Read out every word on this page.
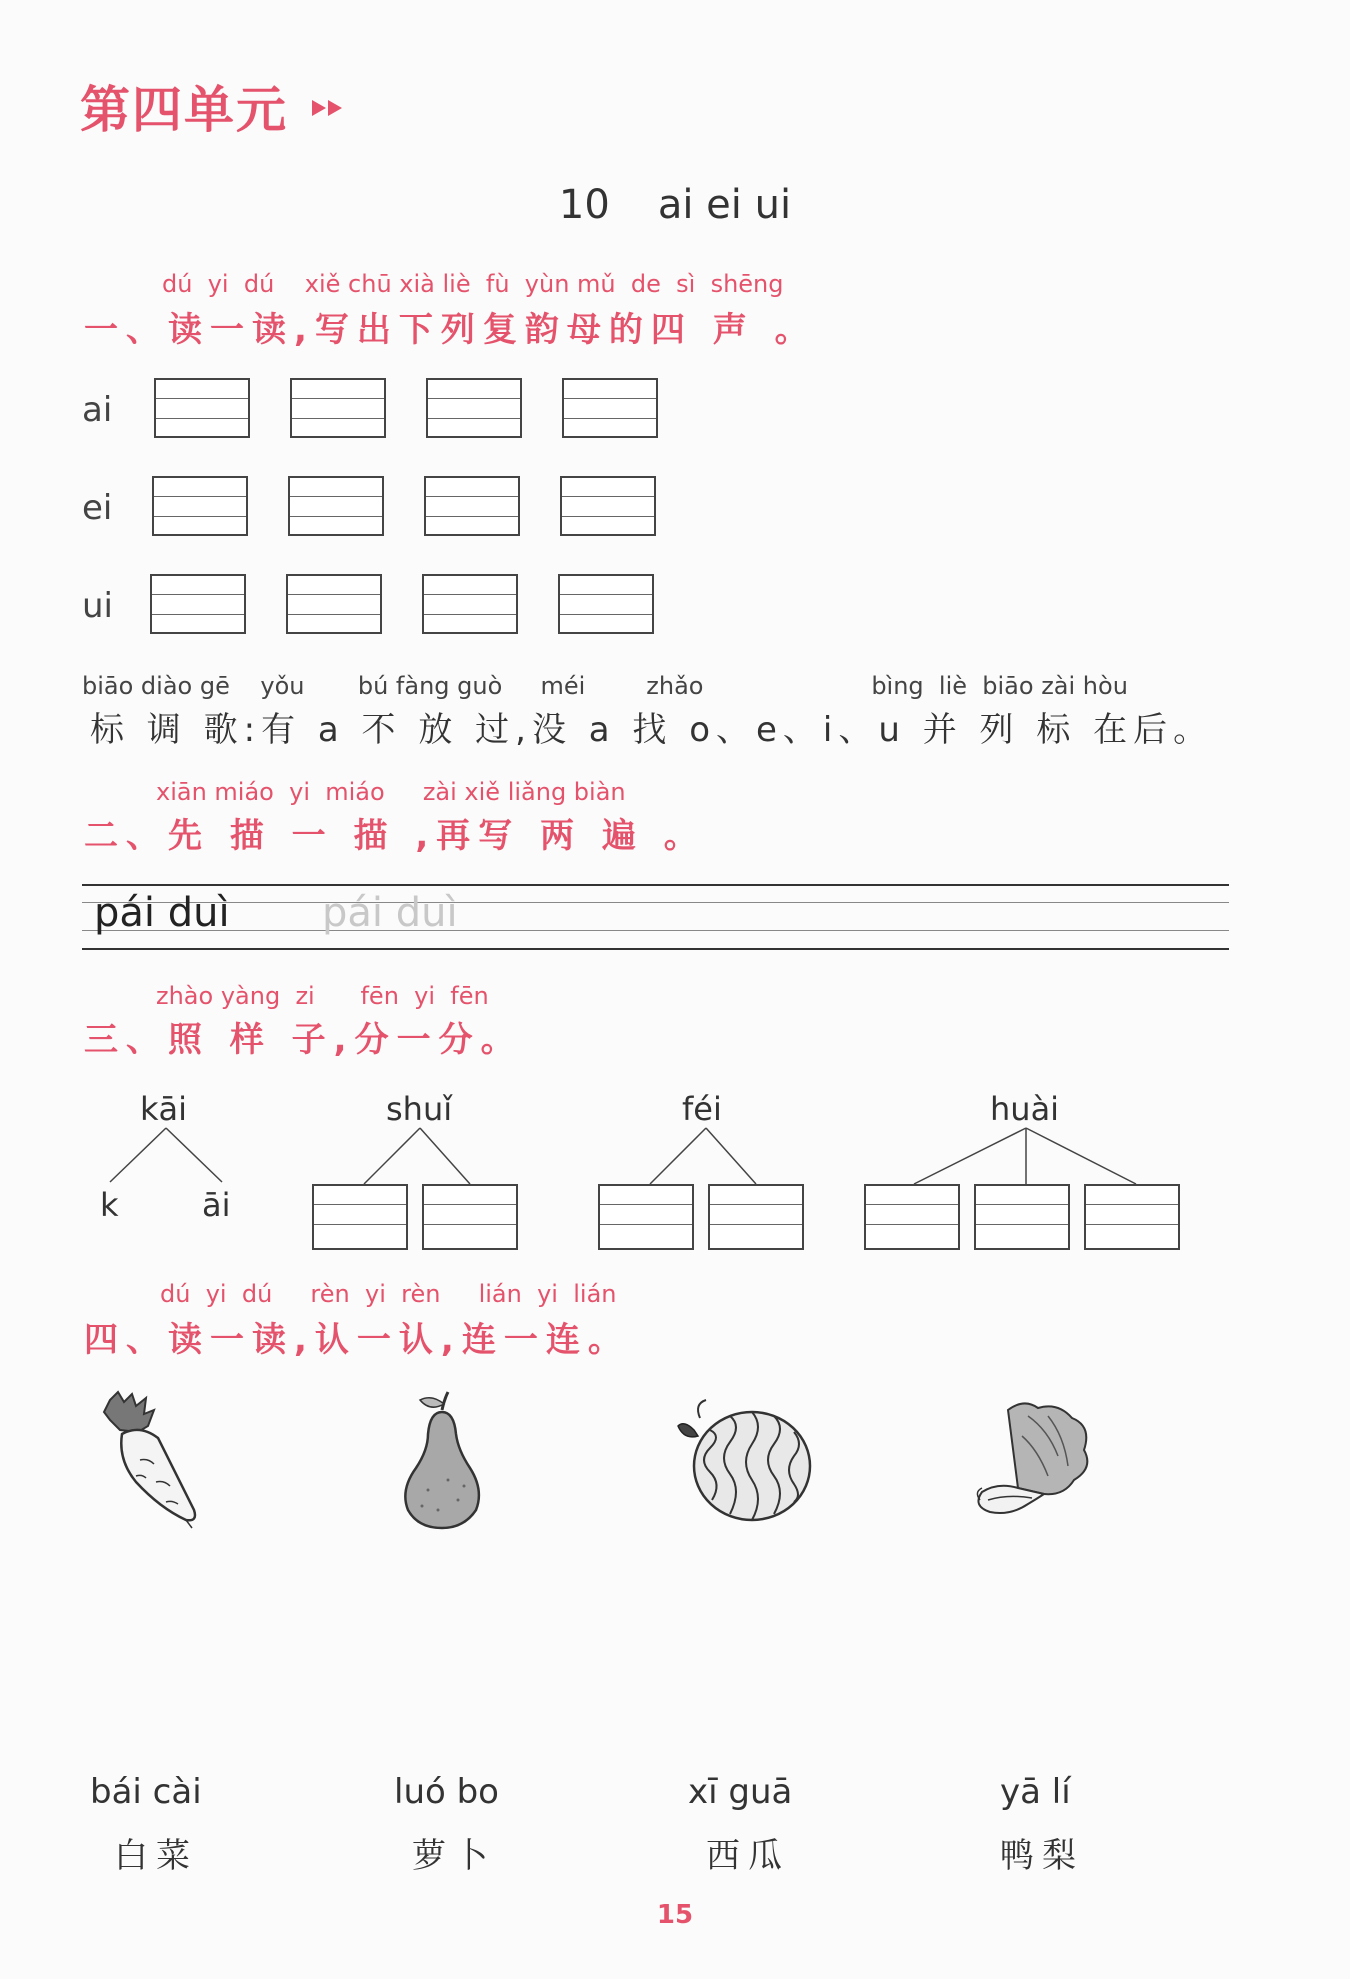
第四单元
10 ai ei ui
dú  yi  dú    xiě chū xià liè  fù  yùn mǔ  de  sì  shēng
一、读一读,写出下列复韵母的四 声 。
ai
ei
ui
biāo diào gē    yǒu       bú fàng guò     méi        zhǎo                      bìng  liè  biāo zài hòu
标 调 歌:有 a 不 放 过,没 a 找 o、e、i、u 并 列 标 在后。
xiān miáo  yi  miáo     zài xiě liǎng biàn
二、先 描 一 描 ,再写 两 遍 。
pái duì pái duì
zhào yàng  zi      fēn  yi  fēn
三、照 样 子,分一分。
kāi
k	āi
shuǐ	féi	huài
dú  yi  dú     rèn  yi  rèn     lián  yi  lián
四、读一读,认一认,连一连。
bái cài
白菜
luó bo
萝卜
xī guā
西瓜
yā lí
鸭梨
15
